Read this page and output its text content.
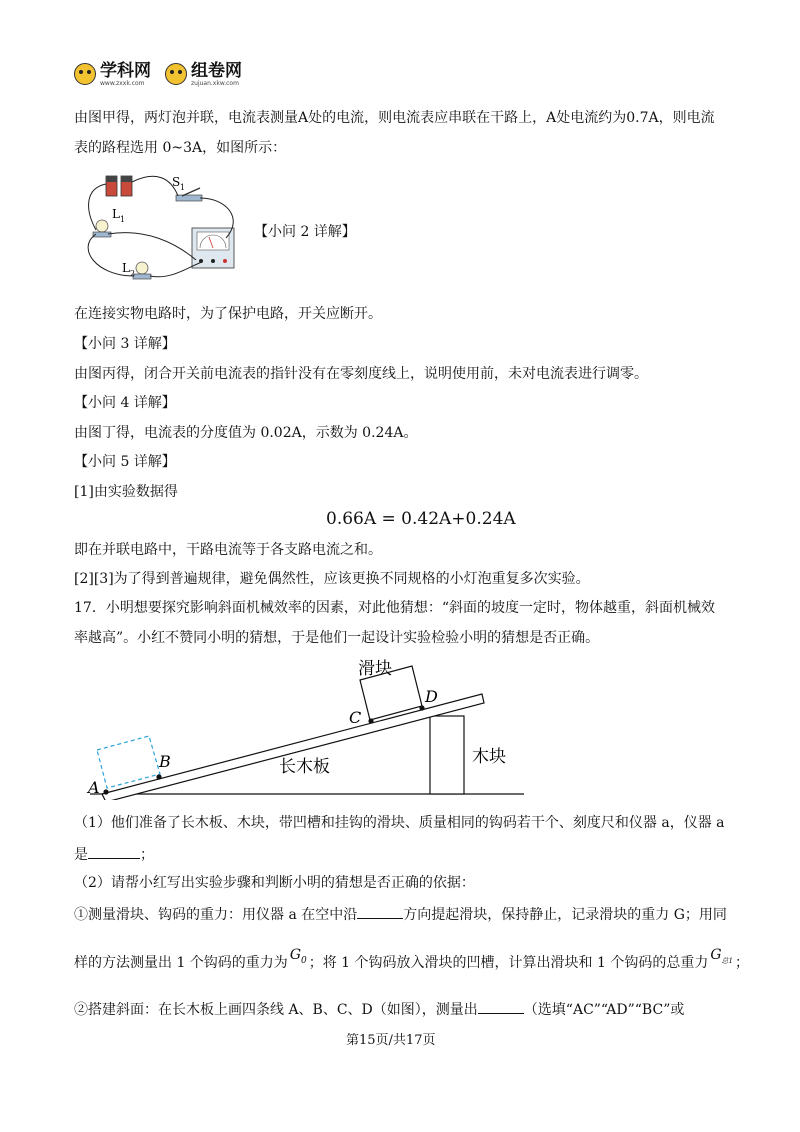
学科网
www.zxxk.com
组卷网
zujuan.xkw.com
由图甲得，两灯泡并联，电流表测量A处的电流，则电流表应串联在干路上，A处电流约为0.7A，则电流
表的路程选用 0~3A，如图所示：
S 1
L 1
L 2
【小问 2 详解】
在连接实物电路时，为了保护电路，开关应断开。
【小问 3 详解】
由图丙得，闭合开关前电流表的指针没有在零刻度线上，说明使用前，未对电流表进行调零。
【小问 4 详解】
由图丁得，电流表的分度值为 0.02A，示数为 0.24A。
【小问 5 详解】
[1]由实验数据得
0.66A = 0.42A+0.24A
即在并联电路中，干路电流等于各支路电流之和。
[2][3]为了得到普遍规律，避免偶然性，应该更换不同规格的小灯泡重复多次实验。
17．小明想要探究影响斜面机械效率的因素，对此他猜想：“斜面的坡度一定时，物体越重，斜面机械效
率越高”。小红不赞同小明的猜想，于是他们一起设计实验检验小明的猜想是否正确。
滑块
长木板	木块
A
B
C
D
（1）他们准备了长木板、木块，带凹槽和挂钩的滑块、质量相同的钩码若干个、刻度尺和仪器 a，仪器 a
是	；
（2）请帮小红写出实验步骤和判断小明的猜想是否正确的依据：
①测量滑块、钩码的重力：用仪器 a 在空中沿	方向提起滑块，保持静止，记录滑块的重力 G；用同
样的方法测量出 1 个钩码的重力为 $G_0$ ；将 1 个钩码放入滑块的凹槽，计算出滑块和 1 个钩码的总重力 $G_{总1}$ ；
②搭建斜面：在长木板上画四条线 A、B、C、D（如图），测量出	（选填“AC”“AD”“BC”或
第15页/共17页
